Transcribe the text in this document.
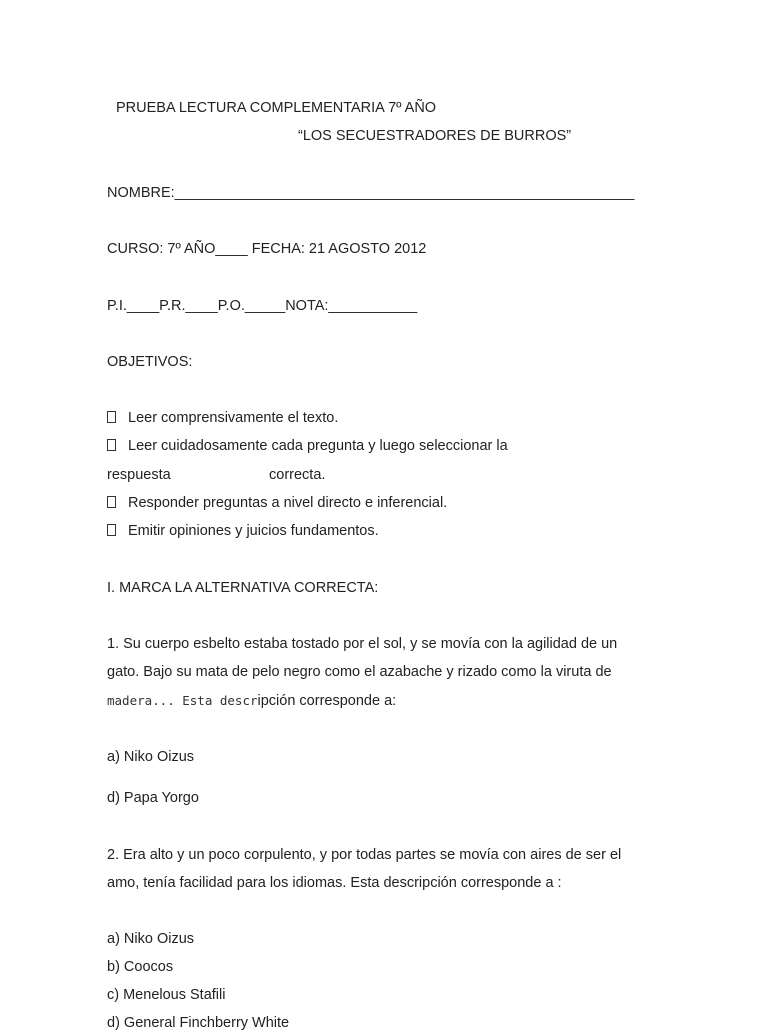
PRUEBA LECTURA COMPLEMENTARIA 7º AÑO
“LOS SECUESTRADORES DE BURROS”
NOMBRE:_________________________________________________________
CURSO: 7º AÑO____ FECHA: 21 AGOSTO 2012
P.I.____P.R.____P.O._____NOTA:___________
OBJETIVOS:
Leer comprensivamente el texto.
Leer cuidadosamente cada pregunta y luego seleccionar la
respuesta	correcta.
Responder preguntas a nivel directo e inferencial.
Emitir opiniones y juicios fundamentos.
I. MARCA LA ALTERNATIVA CORRECTA:
1. Su cuerpo esbelto estaba tostado por el sol, y se movía con la agilidad de un
gato. Bajo su mata de pelo negro como el azabache y rizado como la viruta de
madera... Esta descripción corresponde a:
a) Niko Oizus
d) Papa Yorgo
2. Era alto y un poco corpulento, y por todas partes se movía con aires de ser el
amo, tenía facilidad para los idiomas. Esta descripción corresponde a :
a) Niko Oizus
b) Coocos
c) Menelous Stafili
d) General Finchberry White
